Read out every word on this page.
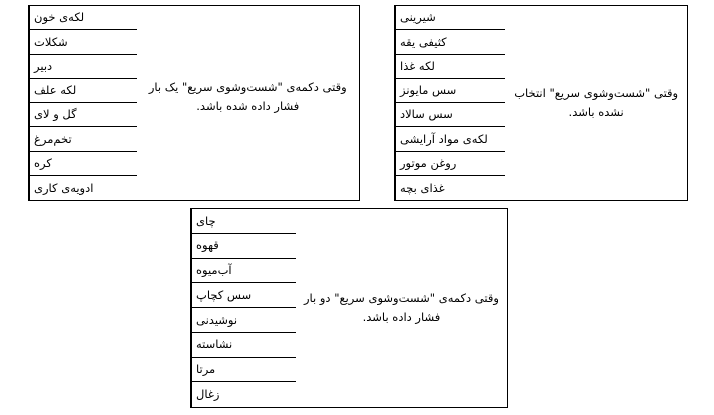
وقتی دکمه‌ی "شست‌وشوی سریع" یک بار فشار داده شده باشد.
لکه‌ی خون
شکلات
دبیر
لکه علف
گل و لای
تخم‌مرغ
کره
ادویه‌ی کاری
وقتی "شست‌وشوی سریع" انتخاب نشده باشد.
شیرینی
کثیفی یقه
لکه غذا
سس مایونز
سس سالاد
لکه‌ی مواد آرایشی
روغن موتور
غذای بچه
وقتی دکمه‌ی "شست‌وشوی سریع" دو بار فشار داده باشد.
چای
قهوه
آب‌میوه
سس کچاپ
نوشیدنی
نشاسته
مرتا
زغال
